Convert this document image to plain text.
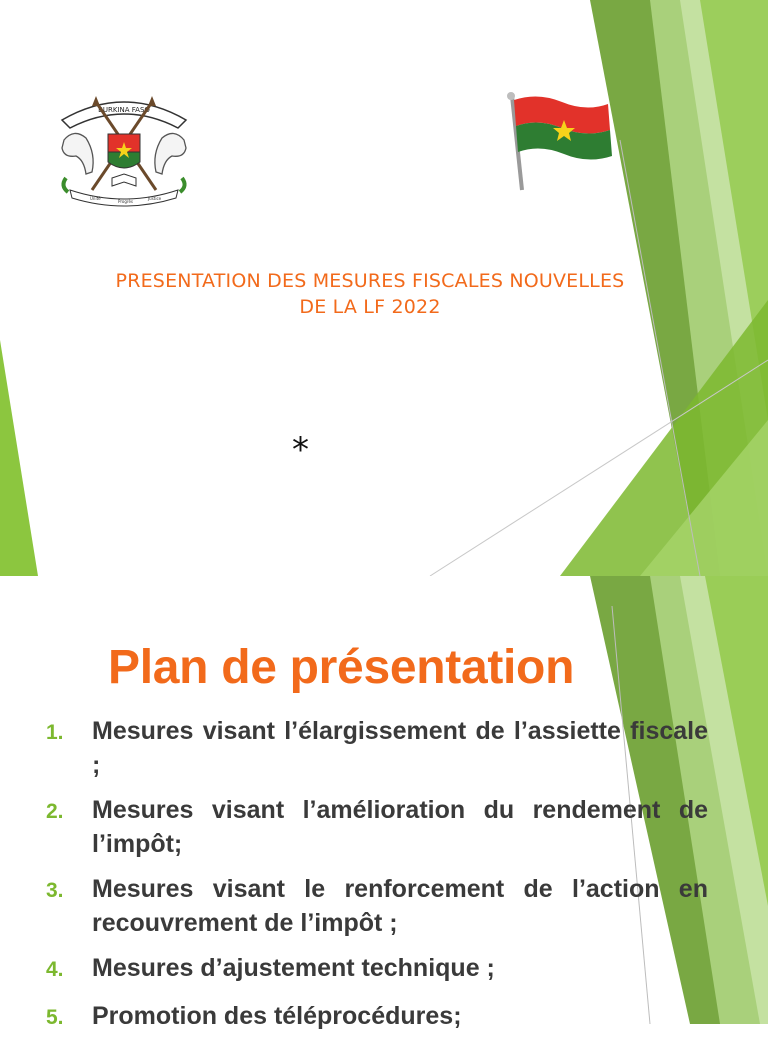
BURKINA FASO
Unité
Progrès
Justice
PRESENTATION DES MESURES FISCALES NOUVELLES
DE LA LF 2022
*
Plan de présentation
1.	Mesures visant l’élargissement de l’assiette fiscale ;
2.	Mesures visant l’amélioration du rendement de l’impôt;
3.	Mesures visant le renforcement de l’action en recouvrement de l’impôt ;
4.	Mesures d’ajustement technique ;
5.	Promotion des téléprocédures;
